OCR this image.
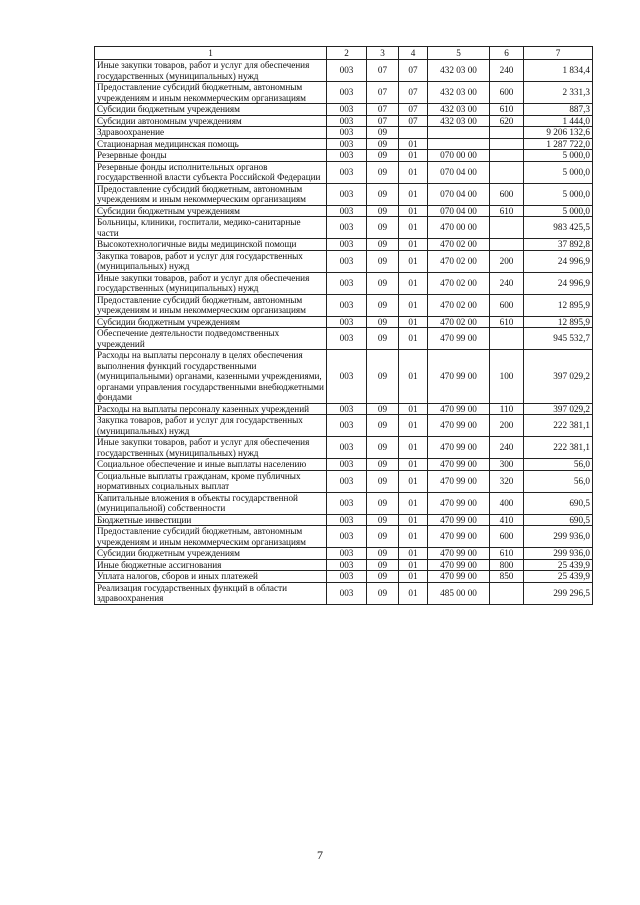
1	2	3	4	5	6	7
Иные закупки товаров, работ и услуг для обеспечения государственных (муниципальных) нужд	003	07	07	432 03 00	240	1 834,4
Предоставление субсидий бюджетным, автономным учреждениям и иным некоммерческим организациям	003	07	07	432 03 00	600	2 331,3
Субсидии бюджетным учреждениям	003	07	07	432 03 00	610	887,3
Субсидии автономным учреждениям	003	07	07	432 03 00	620	1 444,0
Здравоохранение	003	09				9 206 132,6
Стационарная медицинская помощь	003	09	01			1 287 722,0
Резервные фонды	003	09	01	070 00 00		5 000,0
Резервные фонды исполнительных органов государственной власти субъекта Российской Федерации	003	09	01	070 04 00		5 000,0
Предоставление субсидий бюджетным, автономным учреждениям и иным некоммерческим организациям	003	09	01	070 04 00	600	5 000,0
Субсидии бюджетным учреждениям	003	09	01	070 04 00	610	5 000,0
Больницы, клиники, госпитали, медико-санитарные части	003	09	01	470 00 00		983 425,5
Высокотехнологичные виды медицинской помощи	003	09	01	470 02 00		37 892,8
Закупка товаров, работ и услуг для государственных (муниципальных) нужд	003	09	01	470 02 00	200	24 996,9
Иные закупки товаров, работ и услуг для обеспечения государственных (муниципальных) нужд	003	09	01	470 02 00	240	24 996,9
Предоставление субсидий бюджетным, автономным учреждениям и иным некоммерческим организациям	003	09	01	470 02 00	600	12 895,9
Субсидии бюджетным учреждениям	003	09	01	470 02 00	610	12 895,9
Обеспечение деятельности подведомственных учреждений	003	09	01	470 99 00		945 532,7
Расходы на выплаты персоналу в целях обеспечения выполнения функций государственными (муниципальными) органами, казенными учреждениями, органами управления государственными внебюджетными фондами	003	09	01	470 99 00	100	397 029,2
Расходы на выплаты персоналу казенных учреждений	003	09	01	470 99 00	110	397 029,2
Закупка товаров, работ и услуг для государственных (муниципальных) нужд	003	09	01	470 99 00	200	222 381,1
Иные закупки товаров, работ и услуг для обеспечения государственных (муниципальных) нужд	003	09	01	470 99 00	240	222 381,1
Социальное обеспечение и иные выплаты населению	003	09	01	470 99 00	300	56,0
Социальные выплаты гражданам, кроме публичных нормативных социальных выплат	003	09	01	470 99 00	320	56,0
Капитальные вложения в объекты государственной (муниципальной) собственности	003	09	01	470 99 00	400	690,5
Бюджетные инвестиции	003	09	01	470 99 00	410	690,5
Предоставление субсидий бюджетным, автономным учреждениям и иным некоммерческим организациям	003	09	01	470 99 00	600	299 936,0
Субсидии бюджетным учреждениям	003	09	01	470 99 00	610	299 936,0
Иные бюджетные ассигнования	003	09	01	470 99 00	800	25 439,9
Уплата налогов, сборов и иных платежей	003	09	01	470 99 00	850	25 439,9
Реализация государственных функций в области здравоохранения	003	09	01	485 00 00		299 296,5
7
